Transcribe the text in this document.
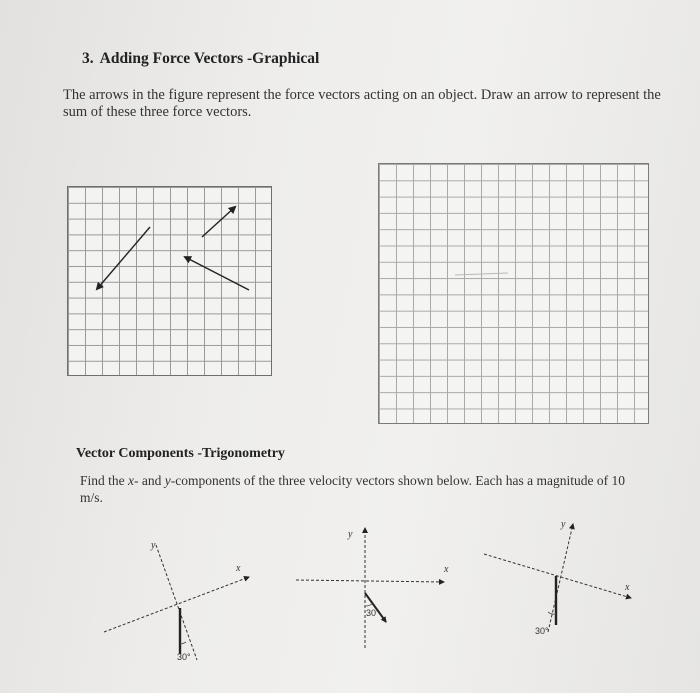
3. Adding Force Vectors -Graphical
The arrows in the figure represent the force vectors acting on an object. Draw an arrow to represent the sum of these three force vectors.
x
y
30°
x
y
30°
x
y
30°
Vector Components -Trigonometry
Find the x- and y-components of the three velocity vectors shown below. Each has a magnitude of 10 m/s.
